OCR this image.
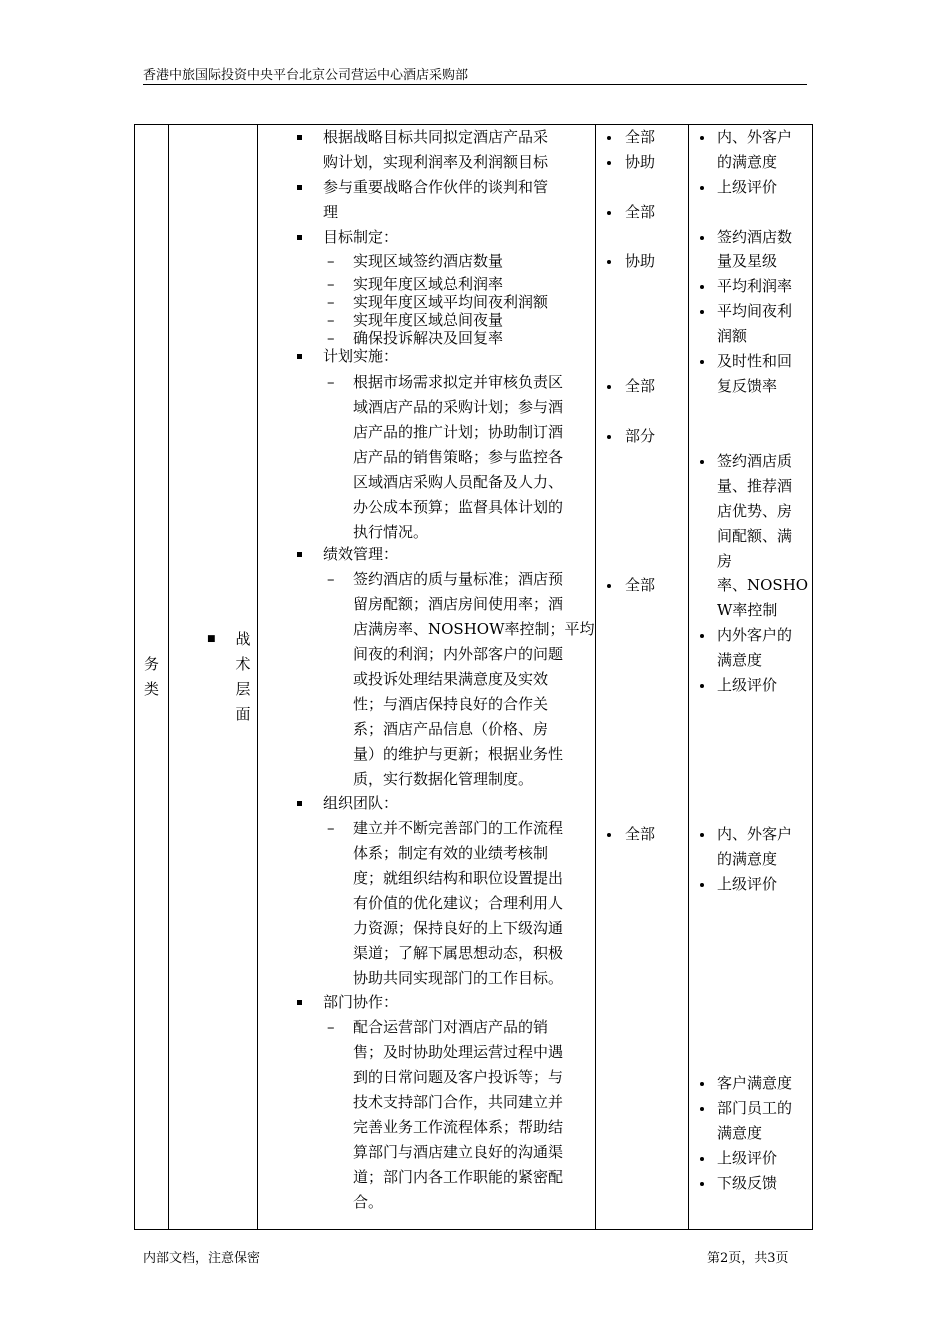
香港中旅国际投资中央平台北京公司营运中心酒店采购部
务
类

■ 战
术
层
面

根据战略目标共同拟定酒店产品采
购计划，实现利润率及利润额目标
参与重要战略合作伙伴的谈判和管
理
目标制定：
– 实现区域签约酒店数量
– 实现年度区域总利润率
– 实现年度区域平均间夜利润额
– 实现年度区域总间夜量
– 确保投诉解决及回复率
计划实施：
– 根据市场需求拟定并审核负责区
域酒店产品的采购计划；参与酒
店产品的推广计划；协助制订酒
店产品的销售策略；参与监控各
区域酒店采购人员配备及人力、
办公成本预算；监督具体计划的
执行情况。
绩效管理：
– 签约酒店的质与量标准；酒店预
留房配额；酒店房间使用率；酒
店满房率、NOSHOW率控制；平均
间夜的利润；内外部客户的问题
或投诉处理结果满意度及实效
性；与酒店保持良好的合作关
系；酒店产品信息（价格、房
量）的维护与更新；根据业务性
质，实行数据化管理制度。
组织团队：
– 建立并不断完善部门的工作流程
体系；制定有效的业绩考核制
度；就组织结构和职位设置提出
有价值的优化建议；合理利用人
力资源；保持良好的上下级沟通
渠道；了解下属思想动态，积极
协助共同实现部门的工作目标。
部门协作：
– 配合运营部门对酒店产品的销
售；及时协助处理运营过程中遇
到的日常问题及客户投诉等；与
技术支持部门合作，共同建立并
完善业务工作流程体系；帮助结
算部门与酒店建立良好的沟通渠
道；部门内各工作职能的紧密配
合。

全部
协助
全部
协助
全部
部分
全部
全部

内、外客户
的满意度
上级评价
签约酒店数
量及星级
平均利润率
平均间夜利
润额
及时性和回
复反馈率
签约酒店质
量、推荐酒
店优势、房
间配额、满
房
率、NOSHO
W率控制
内外客户的
满意度
上级评价
内、外客户
的满意度
上级评价
客户满意度
部门员工的
满意度
上级评价
下级反馈
内部文档，注意保密	第2页，共3页
